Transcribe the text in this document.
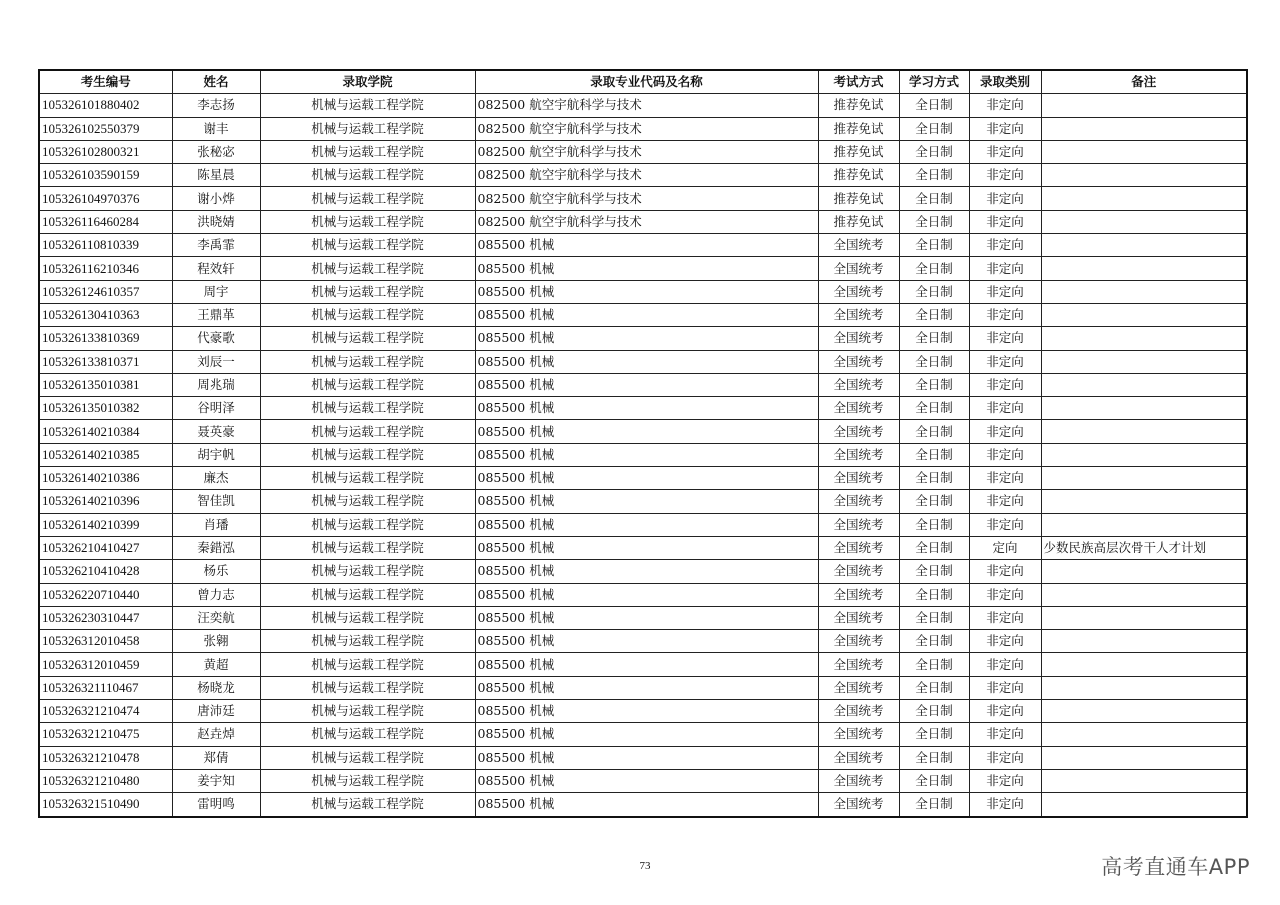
考生编号	姓名	录取学院	录取专业代码及名称	考试方式	学习方式	录取类别	备注
105326101880402	李志扬	机械与运载工程学院	082500 航空宇航科学与技术	推荐免试	全日制	非定向	
105326102550379	谢丰	机械与运载工程学院	082500 航空宇航科学与技术	推荐免试	全日制	非定向	
105326102800321	张秘宓	机械与运载工程学院	082500 航空宇航科学与技术	推荐免试	全日制	非定向	
105326103590159	陈星晨	机械与运载工程学院	082500 航空宇航科学与技术	推荐免试	全日制	非定向	
105326104970376	谢小烨	机械与运载工程学院	082500 航空宇航科学与技术	推荐免试	全日制	非定向	
105326116460284	洪晓婧	机械与运载工程学院	082500 航空宇航科学与技术	推荐免试	全日制	非定向	
105326110810339	李禹霏	机械与运载工程学院	085500 机械	全国统考	全日制	非定向	
105326116210346	程效轩	机械与运载工程学院	085500 机械	全国统考	全日制	非定向	
105326124610357	周宇	机械与运载工程学院	085500 机械	全国统考	全日制	非定向	
105326130410363	王鼎革	机械与运载工程学院	085500 机械	全国统考	全日制	非定向	
105326133810369	代豪歌	机械与运载工程学院	085500 机械	全国统考	全日制	非定向	
105326133810371	刘辰一	机械与运载工程学院	085500 机械	全国统考	全日制	非定向	
105326135010381	周兆瑞	机械与运载工程学院	085500 机械	全国统考	全日制	非定向	
105326135010382	谷明泽	机械与运载工程学院	085500 机械	全国统考	全日制	非定向	
105326140210384	聂英豪	机械与运载工程学院	085500 机械	全国统考	全日制	非定向	
105326140210385	胡宇帆	机械与运载工程学院	085500 机械	全国统考	全日制	非定向	
105326140210386	廉杰	机械与运载工程学院	085500 机械	全国统考	全日制	非定向	
105326140210396	智佳凯	机械与运载工程学院	085500 机械	全国统考	全日制	非定向	
105326140210399	肖璠	机械与运载工程学院	085500 机械	全国统考	全日制	非定向	
105326210410427	秦錯泓	机械与运载工程学院	085500 机械	全国统考	全日制	定向	少数民族高层次骨干人才计划
105326210410428	杨乐	机械与运载工程学院	085500 机械	全国统考	全日制	非定向	
105326220710440	曾力志	机械与运载工程学院	085500 机械	全国统考	全日制	非定向	
105326230310447	汪奕航	机械与运载工程学院	085500 机械	全国统考	全日制	非定向	
105326312010458	张翱	机械与运载工程学院	085500 机械	全国统考	全日制	非定向	
105326312010459	黄超	机械与运载工程学院	085500 机械	全国统考	全日制	非定向	
105326321110467	杨晓龙	机械与运载工程学院	085500 机械	全国统考	全日制	非定向	
105326321210474	唐沛廷	机械与运载工程学院	085500 机械	全国统考	全日制	非定向	
105326321210475	赵垚焯	机械与运载工程学院	085500 机械	全国统考	全日制	非定向	
105326321210478	郑倩	机械与运载工程学院	085500 机械	全国统考	全日制	非定向	
105326321210480	姜宇知	机械与运载工程学院	085500 机械	全国统考	全日制	非定向	
105326321510490	雷明鸣	机械与运载工程学院	085500 机械	全国统考	全日制	非定向	
73	高考直通车APP
